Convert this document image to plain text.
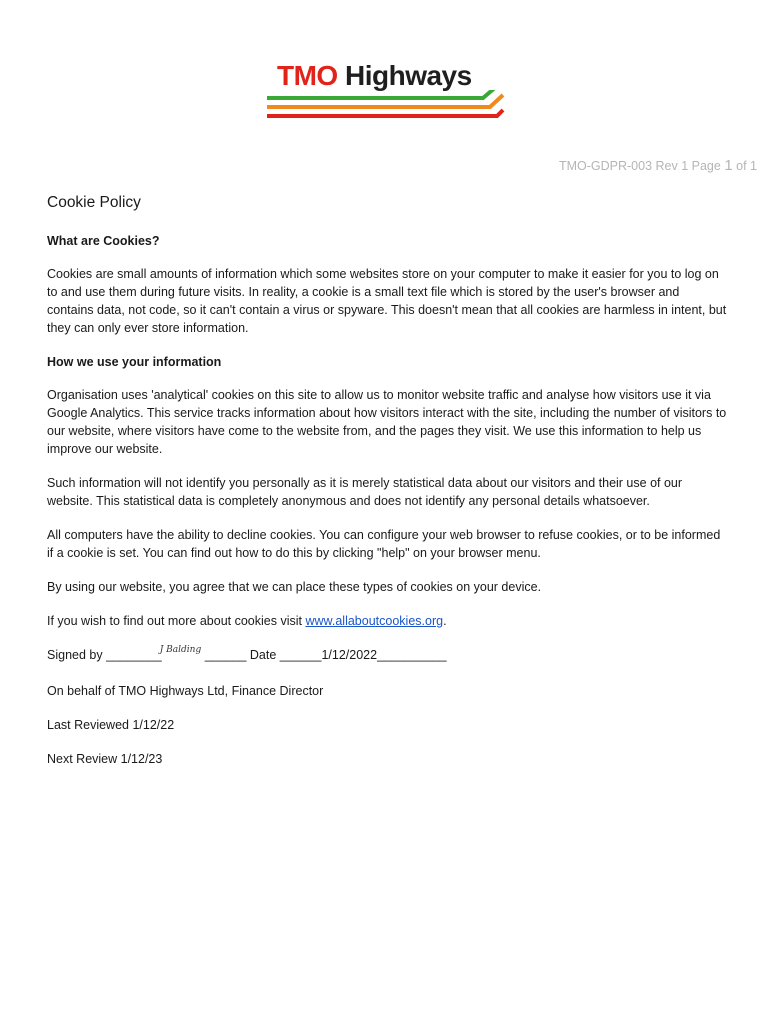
TMO Highways
TMO-GDPR-003 Rev 1 Page 1 of 1
Cookie Policy
What are Cookies?

Cookies are small amounts of information which some websites store on your computer to make it easier for you to log on to and use them during future visits. In reality, a cookie is a small text file which is stored by the user's browser and contains data, not code, so it can't contain a virus or spyware. This doesn't mean that all cookies are harmless in intent, but they can only ever store information.

How we use your information

Organisation uses 'analytical' cookies on this site to allow us to monitor website traffic and analyse how visitors use it via Google Analytics. This service tracks information about how visitors interact with the site, including the number of visitors to our website, where visitors have come to the website from, and the pages they visit. We use this information to help us improve our website.

Such information will not identify you personally as it is merely statistical data about our visitors and their use of our website. This statistical data is completely anonymous and does not identify any personal details whatsoever.

All computers have the ability to decline cookies. You can configure your web browser to refuse cookies, or to be informed if a cookie is set. You can find out how to do this by clicking "help" on your browser menu.

By using our website, you agree that we can place these types of cookies on your device.

If you wish to find out more about cookies visit www.allaboutcookies.org.

Signed by ________$^{J Balding}$ ______ Date ______1/12/2022__________

On behalf of TMO Highways Ltd, Finance Director

Last Reviewed 1/12/22

Next Review 1/12/23
